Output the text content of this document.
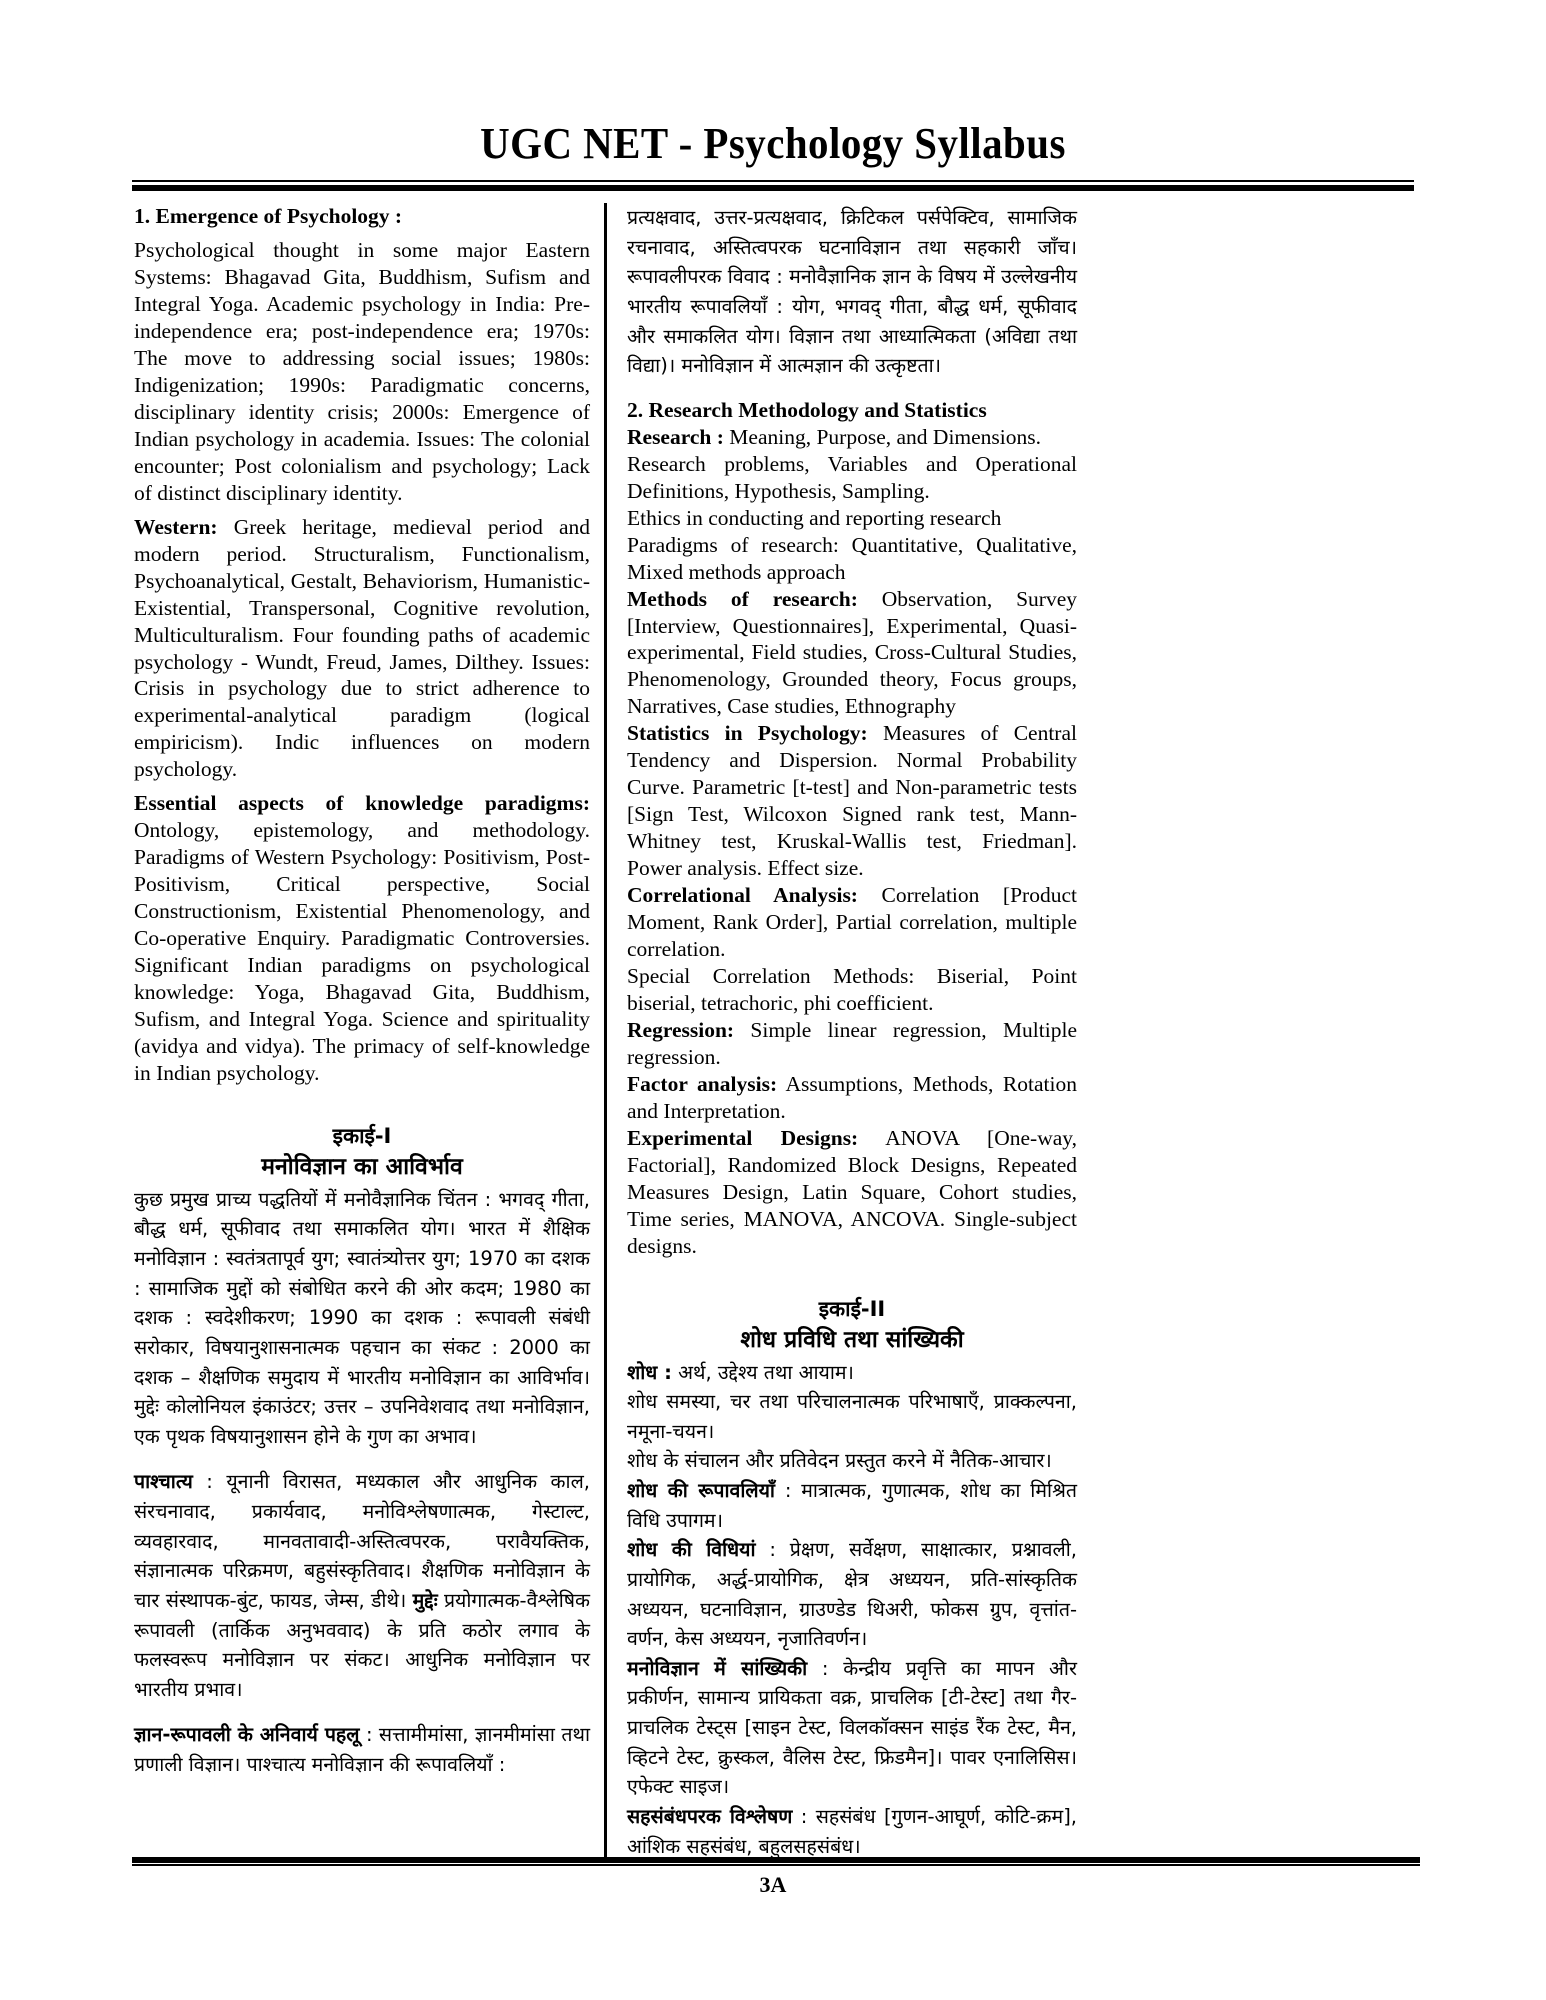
UGC NET - Psychology Syllabus

1. Emergence of Psychology :

Psychological thought in some major Eastern Systems: Bhagavad Gita, Buddhism, Sufism and Integral Yoga. Academic psychology in India: Pre-independence era; post-independence era; 1970s: The move to addressing social issues; 1980s: Indigenization; 1990s: Paradigmatic concerns, disciplinary identity crisis; 2000s: Emergence of Indian psychology in academia. Issues: The colonial encounter; Post colonialism and psychology; Lack of distinct disciplinary identity.

Western: Greek heritage, medieval period and modern period. Structuralism, Functionalism, Psychoanalytical, Gestalt, Behaviorism, Humanistic-Existential, Transpersonal, Cognitive revolution, Multiculturalism. Four founding paths of academic psychology - Wundt, Freud, James, Dilthey. Issues: Crisis in psychology due to strict adherence to experimental-analytical paradigm (logical empiricism). Indic influences on modern psychology.

Essential aspects of knowledge paradigms: Ontology, epistemology, and methodology. Paradigms of Western Psychology: Positivism, Post-Positivism, Critical perspective, Social Constructionism, Existential Phenomenology, and Co-operative Enquiry. Paradigmatic Controversies. Significant Indian paradigms on psychological knowledge: Yoga, Bhagavad Gita, Buddhism, Sufism, and Integral Yoga. Science and spirituality (avidya and vidya). The primacy of self-knowledge in Indian psychology.

इकाई-I

मनोविज्ञान का आविर्भाव

कुछ प्रमुख प्राच्य पद्धतियों में मनोवैज्ञानिक चिंतन : भगवद् गीता, बौद्ध धर्म, सूफीवाद तथा समाकलित योग। भारत में शैक्षिक मनोविज्ञान : स्वतंत्रतापूर्व युग; स्वातंत्र्योत्तर युग; 1970 का दशक : सामाजिक मुद्दों को संबोधित करने की ओर कदम; 1980 का दशक : स्वदेशीकरण; 1990 का दशक : रूपावली संबंधी सरोकार, विषयानुशासनात्मक पहचान का संकट : 2000 का दशक – शैक्षणिक समुदाय में भारतीय मनोविज्ञान का आविर्भाव। मुद्देः कोलोनियल इंकाउंटर; उत्तर – उपनिवेशवाद तथा मनोविज्ञान, एक पृथक विषयानुशासन होने के गुण का अभाव।

पाश्चात्य : यूनानी विरासत, मध्यकाल और आधुनिक काल, संरचनावाद, प्रकार्यवाद, मनोविश्लेषणात्मक, गेस्टाल्ट, व्यवहारवाद, मानवतावादी-अस्तित्वपरक, परावैयक्तिक, संज्ञानात्मक परिक्रमण, बहुसंस्कृतिवाद। शैक्षणिक मनोविज्ञान के चार संस्थापक-बुंट, फायड, जेम्स, डीथे। मुद्देः प्रयोगात्मक-वैश्लेषिक रूपावली (तार्किक अनुभववाद) के प्रति कठोर लगाव के फलस्वरूप मनोविज्ञान पर संकट। आधुनिक मनोविज्ञान पर भारतीय प्रभाव।

ज्ञान-रूपावली के अनिवार्य पहलू : सत्तामीमांसा, ज्ञानमीमांसा तथा प्रणाली विज्ञान। पाश्चात्य मनोविज्ञान की रूपावलियाँ :

प्रत्यक्षवाद, उत्तर-प्रत्यक्षवाद, क्रिटिकल पर्सपेक्टिव, सामाजिक रचनावाद, अस्तित्वपरक घटनाविज्ञान तथा सहकारी जाँच। रूपावलीपरक विवाद : मनोवैज्ञानिक ज्ञान के विषय में उल्लेखनीय भारतीय रूपावलियाँ : योग, भगवद् गीता, बौद्ध धर्म, सूफीवाद और समाकलित योग। विज्ञान तथा आध्यात्मिकता (अविद्या तथा विद्या)। मनोविज्ञान में आत्मज्ञान की उत्कृष्टता।

2. Research Methodology and Statistics

Research : Meaning, Purpose, and Dimensions.

Research problems, Variables and Operational Definitions, Hypothesis, Sampling.

Ethics in conducting and reporting research

Paradigms of research: Quantitative, Qualitative, Mixed methods approach

Methods of research: Observation, Survey [Interview, Questionnaires], Experimental, Quasi-experimental, Field studies, Cross-Cultural Studies, Phenomenology, Grounded theory, Focus groups, Narratives, Case studies, Ethnography

Statistics in Psychology: Measures of Central Tendency and Dispersion. Normal Probability Curve. Parametric [t-test] and Non-parametric tests [Sign Test, Wilcoxon Signed rank test, Mann-Whitney test, Kruskal-Wallis test, Friedman]. Power analysis. Effect size.

Correlational Analysis: Correlation [Product Moment, Rank Order], Partial correlation, multiple correlation.

Special Correlation Methods: Biserial, Point biserial, tetrachoric, phi coefficient.

Regression: Simple linear regression, Multiple regression.

Factor analysis: Assumptions, Methods, Rotation and Interpretation.

Experimental Designs: ANOVA [One-way, Factorial], Randomized Block Designs, Repeated Measures Design, Latin Square, Cohort studies, Time series, MANOVA, ANCOVA. Single-subject designs.

इकाई-II

शोध प्रविधि तथा सांख्यिकी

शोध : अर्थ, उद्देश्य तथा आयाम।

शोध समस्या, चर तथा परिचालनात्मक परिभाषाएँ, प्राक्कल्पना, नमूना-चयन।

शोध के संचालन और प्रतिवेदन प्रस्तुत करने में नैतिक-आचार।

शोध की रूपावलियाँ : मात्रात्मक, गुणात्मक, शोध का मिश्रित विधि उपागम।

शोध की विधियां : प्रेक्षण, सर्वेक्षण, साक्षात्कार, प्रश्नावली, प्रायोगिक, अर्द्ध-प्रायोगिक, क्षेत्र अध्ययन, प्रति-सांस्कृतिक अध्ययन, घटनाविज्ञान, ग्राउण्डेड थिअरी, फोकस ग्रुप, वृत्तांत-वर्णन, केस अध्ययन, नृजातिवर्णन।

मनोविज्ञान में सांख्यिकी : केन्द्रीय प्रवृत्ति का मापन और प्रकीर्णन, सामान्य प्रायिकता वक्र, प्राचलिक [टी-टेस्ट] तथा गैर-प्राचलिक टेस्ट्स [साइन टेस्ट, विलकॉक्सन साइंड रैंक टेस्ट, मैन, व्हिटने टेस्ट, क्रुस्कल, वैलिस टेस्ट, फ्रिडमैन]। पावर एनालिसिस। एफेक्ट साइज।

सहसंबंधपरक विश्लेषण : सहसंबंध [गुणन-आघूर्ण, कोटि-क्रम], आंशिक सहसंबंध, बहुलसहसंबंध।

3A
